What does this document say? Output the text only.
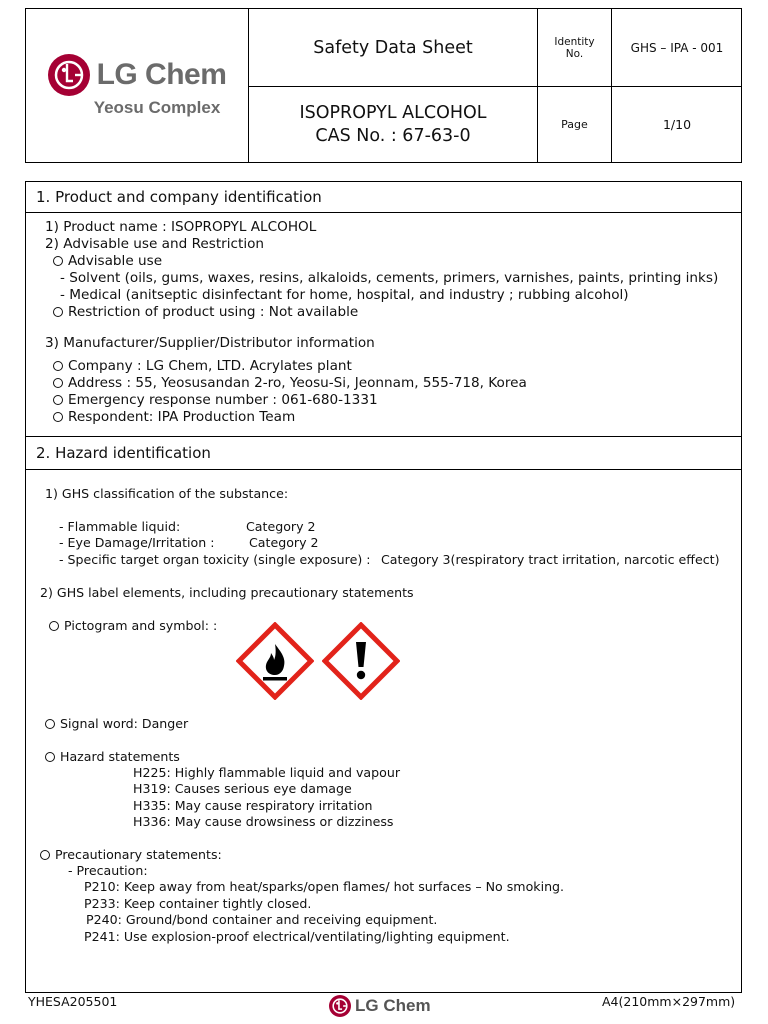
LG Chem
Yeosu Complex
Safety Data Sheet
ISOPROPYL ALCOHOL
CAS No. : 67-63-0
Identity
No.	GHS – IPA - 001
Page	1/10
1. Product and company identification
1) Product name : ISOPROPYL ALCOHOL
2) Advisable use and Restriction
Advisable use
- Solvent (oils, gums, waxes, resins, alkaloids, cements, primers, varnishes, paints, printing inks)
- Medical (anitseptic disinfectant for home, hospital, and industry ; rubbing alcohol)
Restriction of product using : Not available
3) Manufacturer/Supplier/Distributor information
Company : LG Chem, LTD. Acrylates plant
Address : 55, Yeosusandan 2-ro, Yeosu-Si, Jeonnam, 555-718, Korea
Emergency response number : 061-680-1331
Respondent: IPA Production Team
2. Hazard identification
1) GHS classification of the substance:
- Flammable liquid:	Category 2
- Eye Damage/Irritation :	Category 2
- Specific target organ toxicity (single exposure) : Category 3(respiratory tract irritation, narcotic effect)
2) GHS label elements, including precautionary statements
Pictogram and symbol: :
Signal word: Danger
Hazard statements
H225: Highly flammable liquid and vapour
H319: Causes serious eye damage
H335: May cause respiratory irritation
H336: May cause drowsiness or dizziness
Precautionary statements:
- Precaution:
P210: Keep away from heat/sparks/open flames/ hot surfaces – No smoking.
P233: Keep container tightly closed.
P240: Ground/bond container and receiving equipment.
P241: Use explosion-proof electrical/ventilating/lighting equipment.
YHESA205501	LG Chem	A4(210mm×297mm)
